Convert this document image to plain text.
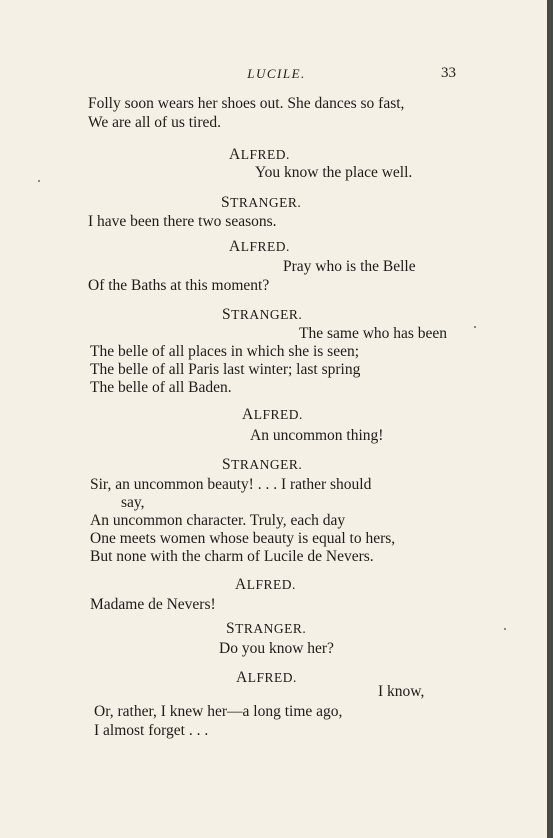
LUCILE.	33
Folly soon wears her shoes out. She dances so fast,
We are all of us tired.
ALFRED.
You know the place well.
STRANGER.
I have been there two seasons.
ALFRED.
Pray who is the Belle
Of the Baths at this moment?
STRANGER.
The same who has been
The belle of all places in which she is seen;
The belle of all Paris last winter; last spring
The belle of all Baden.
ALFRED.
An uncommon thing!
STRANGER.
Sir, an uncommon beauty! . . . I rather should
say,
An uncommon character. Truly, each day
One meets women whose beauty is equal to hers,
But none with the charm of Lucile de Nevers.
ALFRED.
Madame de Nevers!
STRANGER.
Do you know her?
ALFRED.
I know,
Or, rather, I knew her—a long time ago,
I almost forget . . .
